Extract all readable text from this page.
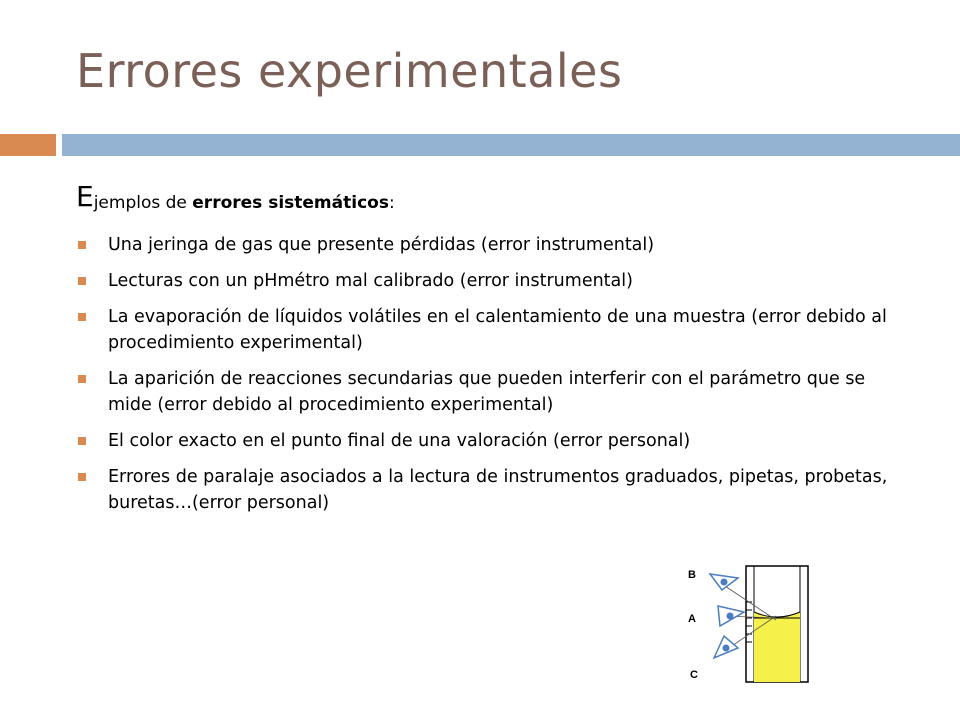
Errores experimentales
Ejemplos de errores sistemáticos:
Una jeringa de gas que presente pérdidas (error instrumental)
Lecturas con un pHmétro mal calibrado (error instrumental)
La evaporación de líquidos volátiles en el calentamiento de una muestra (error debido al procedimiento experimental)
La aparición de reacciones secundarias que pueden interferir con el parámetro que se mide (error debido al procedimiento experimental)
El color exacto en el punto final de una valoración (error personal)
Errores de paralaje asociados a la lectura de instrumentos graduados, pipetas, probetas, buretas…(error personal)
B
A
C
